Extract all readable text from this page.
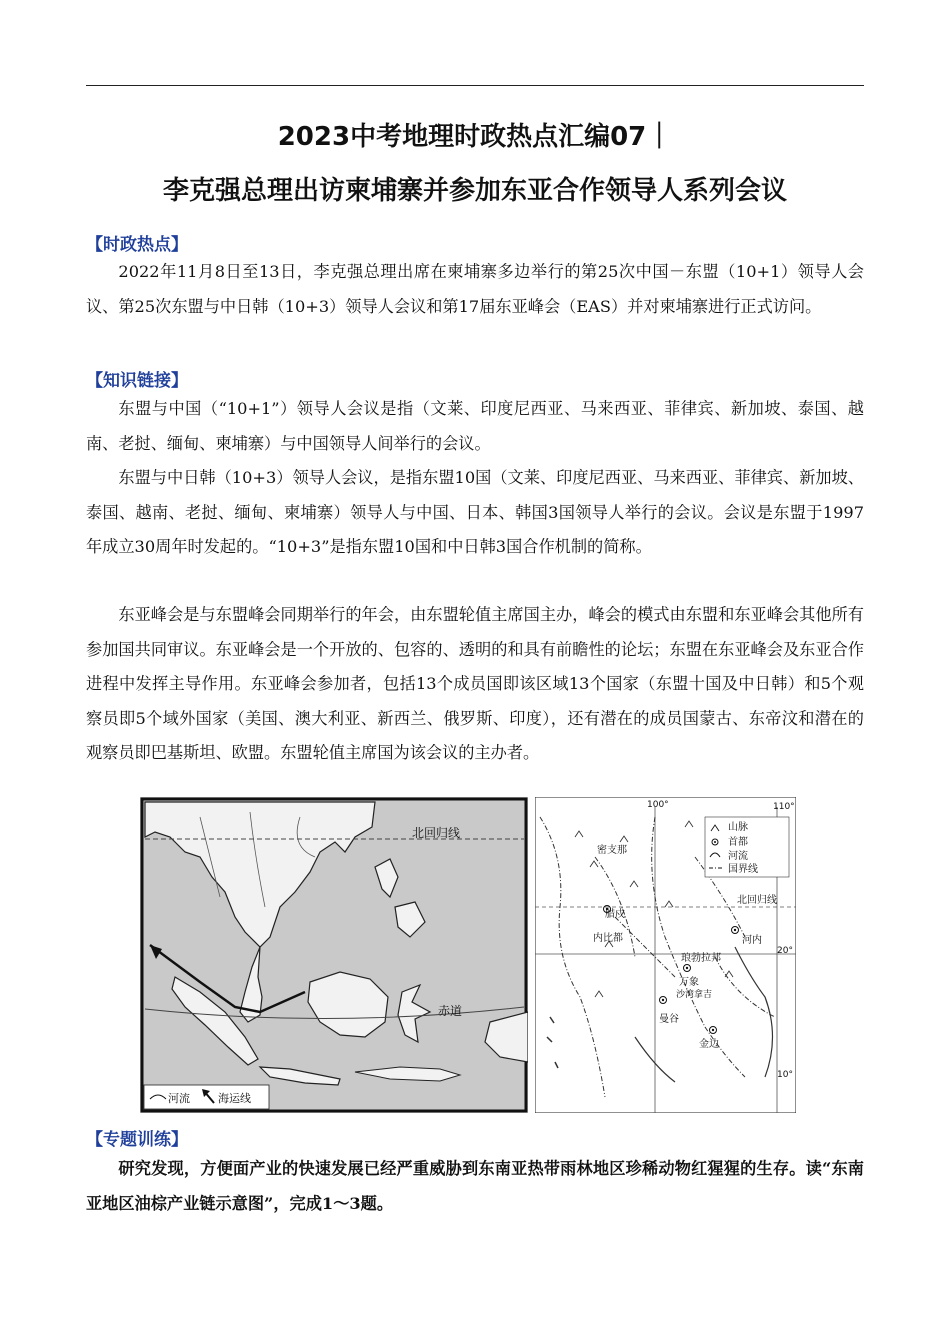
2023中考地理时政热点汇编07｜
李克强总理出访柬埔寨并参加东亚合作领导人系列会议
【时政热点】
2022年11月8日至13日，李克强总理出席在柬埔寨多边举行的第25次中国－东盟（10+1）领导人会议、第25次东盟与中日韩（10+3）领导人会议和第17届东亚峰会（EAS）并对柬埔寨进行正式访问。
【知识链接】
东盟与中国（“10+1”）领导人会议是指（文莱、印度尼西亚、马来西亚、菲律宾、新加坡、泰国、越南、老挝、缅甸、柬埔寨）与中国领导人间举行的会议。
东盟与中日韩（10+3）领导人会议，是指东盟10国（文莱、印度尼西亚、马来西亚、菲律宾、新加坡、泰国、越南、老挝、缅甸、柬埔寨）领导人与中国、日本、韩国3国领导人举行的会议。会议是东盟于1997年成立30周年时发起的。“10+3”是指东盟10国和中日韩3国合作机制的简称。
东亚峰会是与东盟峰会同期举行的年会，由东盟轮值主席国主办，峰会的模式由东盟和东亚峰会其他所有参加国共同审议。东亚峰会是一个开放的、包容的、透明的和具有前瞻性的论坛；东盟在东亚峰会及东亚合作进程中发挥主导作用。东亚峰会参加者，包括13个成员国即该区域13个国家（东盟十国及中日韩）和5个观察员即5个域外国家（美国、澳大利亚、新西兰、俄罗斯、印度），还有潜在的成员国蒙古、东帝汶和潜在的观察员即巴基斯坦、欧盟。东盟轮值主席国为该会议的主办者。
河流	海运线
北回归线
赤道
山脉
首都
河流
国界线
100°	110°
20°
10°
北回归线
密支那
腊戍
内比都	河内
琅勃拉邦
万象
沙湾拿吉
曼谷
金边
【专题训练】
研究发现，方便面产业的快速发展已经严重威胁到东南亚热带雨林地区珍稀动物红猩猩的生存。读“东南亚地区油棕产业链示意图”，完成1～3题。
